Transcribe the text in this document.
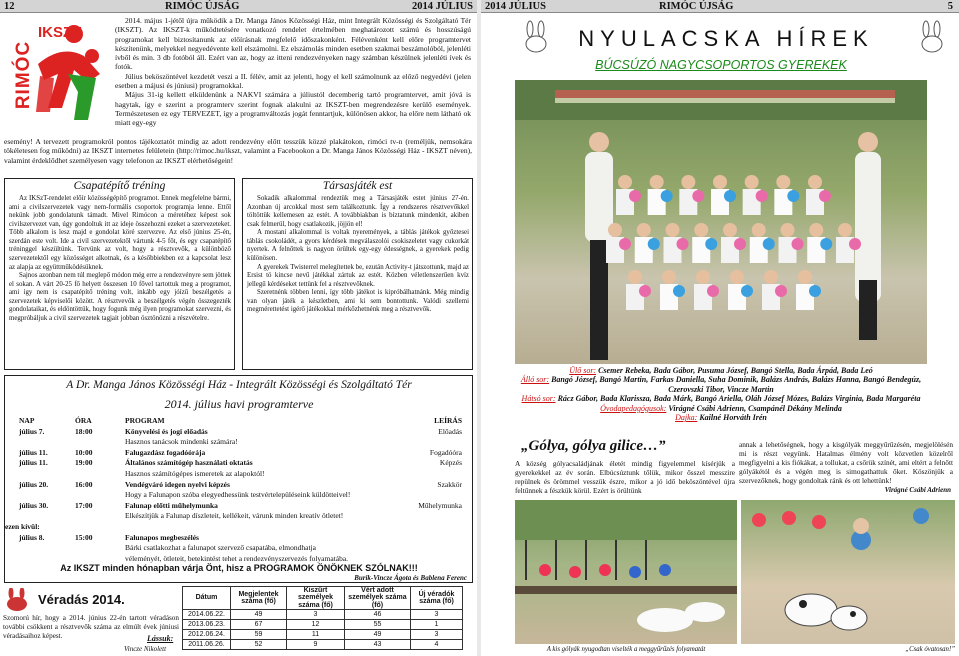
12	RIMÓC ÚJSÁG	2014 JÚLIUS
IKSZT
RIMÓC

2014. május 1-jétől újra működik a Dr. Manga János Közösségi Ház, mint Integrált Közösségi és Szolgáltató Tér (IKSZT). Az IKSZT-k működtetésére vonatkozó rendelet értelmében meghatározott számú és hosszúságú programokat kell biztosítanunk az előírásnak megfelelő időszakonként. Félévenként kell előre programtervet készítenünk, melyekkel negyedévente kell elszámolni. Ez elszámolás minden esetben szakmai beszámolóból, jelenléti ívből és min. 3 db fotóból áll. Ezért van az, hogy az itteni rendezvényeken nagy számban készülnek jelenléti ívek és fotók.

Július beköszöntével kezdetét veszi a II. félév, amit az jelenti, hogy el kell számolnunk az előző negyedévi (jelen esetben a májusi és júniusi) programokkal.

Május 31-ig kellett elküldenünk a NAKVI számára a júliustól decemberig tartó programtervet, amit jóvá is hagytak, így e szerint a programterv szerint fognak alakulni az IKSZT-ben megrendezésre kerülő események. Természetesen ez egy TERVEZET, így a programváltozás jogát fenntartjuk, különösen akkor, ha előre nem látható ok miatt egy-egy

esemény! A tervezett programokról pontos tájékoztatót mindig az adott rendezvény előtt tesszük közzé plakátokon, rimóci tv-n (reméljük, nemsokára tökéletesen fog működni) az IKSZT internetes felületein (http://rimoc.hu/ikszt, valamint a Facebookon a Dr. Manga János Közösségi Ház - IKSZT néven), valamint érdeklődhet személyesen vagy telefonon az IKSZT elérhetőségein!

Csapatépítő tréning

Az IKSzT-rendelet előír közösségépítő programot. Ennek megfelelne bármi, ami a civilszervezetek vagy nem-formális csoportok programja lenne. Ettől nekünk jobb gondolatunk támadt. Mivel Rimócon a méretéhez képest sok civilszervezet van, úgy gondoltuk itt az ideje összehozni ezeket a szervezeteket. Több alkalom is lesz majd e gondolat köré szervezve. Az első június 25-én, szerdán este volt. Ide a civil szervezetektől vártunk 4-5 főt, és egy csapatépítő tréninggel készültünk. Tervünk az volt, hogy a résztvevők, a különböző szervezetektől egy közösséget alkotnak, és a későbbiekben ez a kapcsolat lesz az alapja az együttműködésüknek.

Sajnos azonban nem túl meglepő módon még erre a rendezvényre sem jöttek el sokan. A várt 20-25 fő helyett összesen 10 fővel tartottuk meg a programot, ami így nem is csapatépítő tréning volt, inkább egy jóízű beszélgetés a szervezetek képviselői között. A résztvevők a beszélgetés végén összegezték gondolataikat, és eldöntöttük, hogy fogunk még ilyen programokat szervezni, és megpróbáljuk a civil szervezetek tagjait jobban ösztönözni a részvételre.

Társasjáték est

Sokadik alkalommal rendeztük meg a Társasjáték estet június 27-én. Azonban új arcokkal most sem találkoztunk. Így a rendszeres résztvevőkkel töltöttük kellemesen az estét. A továbbiakban is bíztatunk mindenkit, akiben csak felmerül, hogy csatlakozik, jöjjön el!

A mostani alkalommal is voltak nyeremények, a táblás játékok győztesei táblás csokoládét, a gyors kérdések megválaszolói csokiszeletet vagy cukorkát nyertek. A felnőttek is nagyon örültek egy-egy édességnek, a gyerekek pedig különösen.

A gyerekek Twisterrel melegítettek be, ezután Activity-t játszottunk, majd az Ersist tö kincse nevű játékkal zártuk az estét. Közben véletlenszerűen kvíz jellegű kérdéseket tettünk fel a résztvevőknek.

Szeretnénk többen lenni, így több játékot is kipróbálhatnánk. Még mindig van olyan játék a készletben, ami ki sem bontottunk. Valódi szellemi megmérettetést igérő játékokkal mérkőzhetnénk meg a résztvevők.

A Dr. Manga János Közösségi Ház - Integrált Közösségi és Szolgáltató Tér
2014. július havi programterve
NAP	ÓRA	PROGRAM	LEÍRÁS
július 7.	18:00	Könyvelési és jogi előadás	Előadás
Hasznos tanácsok mindenki számára!
július 11.	10:00	Falugazdász fogadóórája	Fogadóóra
július 11.	19:00	Általános számítógép használati oktatás	Képzés
Hasznos számítógépes ismeretek az alapoktól!
július 20.	16:00	Vendégváró idegen nyelvi képzés	Szakkör
Hogy a Falunapon szóba elegyedhessünk testvértelepüléseink küldötteivel!
július 30.	17:00	Falunap előtti műhelymunka	Műhelymunka
Elkészítjük a Falunap díszleteit, kellékeit, várunk minden kreatív ötletet!
ezen kívül:
július 8.	15:00	Falunapos megbeszélés
Bárki csatlakozhat a falunapot szervező csapatába, elmondhatja
véleményét, ötleteit, betekintést tehet a rendezvényszervezés folyamatába.
Az IKSZT minden hónapban várja Önt, hisz a PROGRAMOK ÖNÖKNEK SZÓLNAK!!!
Burik-Vincze Ágota és Bablena Ferenc
Véradás 2014.
Szomorú hír, hogy a 2014. június 22-én tartott véradáson további csökkent a résztvevők száma az elmúlt évek júniusi véradásaihoz képest.	Lássuk:
Vincze Nikolett
Dátum	Megjelentek száma (fő)	Kiszűrt személyek száma (fő)	Vért adott személyek száma (fő)	Új véradók száma (fő)
2014.06.22.	49	3	46	3
2013.06.23.	67	12	55	1
2012.06.24.	59	11	49	3
2011.06.26.	52	9	43	4
2014 JÚLIUS	RIMÓC ÚJSÁG	5
NYULACSKA HÍREK
BÚCSÚZÓ NAGYCSOPORTOS GYEREKEK
Ülő sor: Csemer Rebeka, Bada Gábor, Pusuma József, Bangó Stella, Bada Árpád, Bada Leó
Álló sor: Bangó József, Bangó Martin, Farkas Daniella, Suha Dominik, Balázs András, Balázs Hanna, Bangó Bendegúz, Czerovszki Tibor, Vincze Martin
Hátsó sor: Rácz Gábor, Bada Klarissza, Bada Márk, Bangó Ariella, Oláh József Mózes, Balázs Virginia, Bada Margaréta
Óvodapedagógusok: Virágné Csábi Adrienn, Csampánél Dékány Melinda
Dajka: Kailné Horváth Irén
„Gólya, gólya gilice…”
A község gólyacsaládjának életét mindig figyelemmel kísérjük a gyerekekkel az év során. Elbúcsúztunk tőlük, mikor ősszel messzire repülnek és örömmel vesszük észre, mikor a jó idő beköszöntével újra feltűnnek a fészkük körül. Ezért is örültünk
annak a lehetőségnek, hogy a kisgólyák meggyűrűzésén, megjelölésén mi is részt vegyünk. Hatalmas élmény volt közvetlen közelről megfigyelni a kis fiókákat, a tollukat, a csőrük színét, ami eltért a felnőtt gólyákétól és a végén meg is simogathattuk őket. Köszönjük a szervezőknek, hogy gondoltak ránk és ott lehettünk!
Virágné Csábi Adrienn
A kis gólyák nyugodtan viselték a meggyűrűzés folyamatát	„Csak óvatosan!”
